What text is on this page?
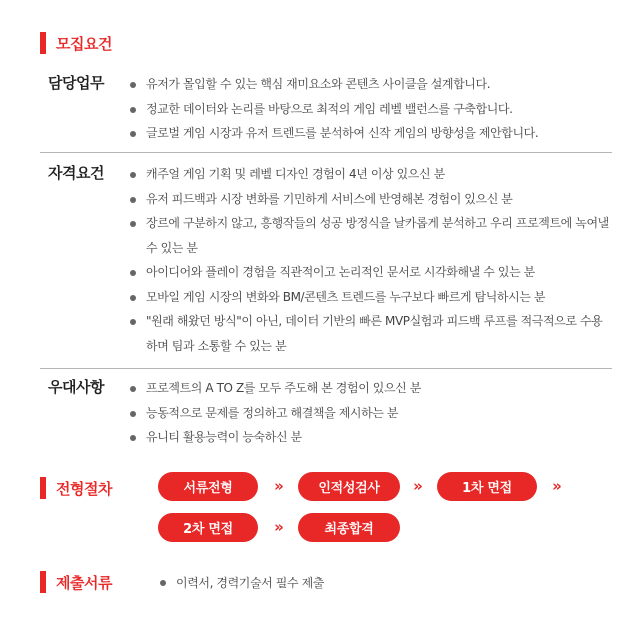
모집요건
담당업무	유저가 몰입할 수 있는 핵심 재미요소와 콘텐츠 사이클을 설계합니다.
정교한 데이터와 논리를 바탕으로 최적의 게임 레벨 밸런스를 구축합니다.
글로벌 게임 시장과 유저 트렌드를 분석하여 신작 게임의 방향성을 제안합니다.
자격요건	캐주얼 게임 기획 및 레벨 디자인 경험이 4년 이상 있으신 분
유저 피드백과 시장 변화를 기민하게 서비스에 반영해본 경험이 있으신 분
장르에 구분하지 않고, 흥행작들의 성공 방정식을 날카롭게 분석하고 우리 프로젝트에 녹여낼 수 있는 분
아이디어와 플레이 경험을 직관적이고 논리적인 문서로 시각화해낼 수 있는 분
모바일 게임 시장의 변화와 BM/콘텐츠 트렌드를 누구보다 빠르게 탐닉하시는 분
"원래 해왔던 방식"이 아닌, 데이터 기반의 빠른 MVP실험과 피드백 루프를 적극적으로 수용하며 팀과 소통할 수 있는 분
우대사항	프로젝트의 A TO Z를 모두 주도해 본 경험이 있으신 분
능동적으로 문제를 정의하고 해결책을 제시하는 분
유니티 활용능력이 능숙하신 분
전형절차	서류전형	»	인적성검사	»	1차 면접	»
2차 면접	»	최종합격
제출서류	이력서, 경력기술서 필수 제출
